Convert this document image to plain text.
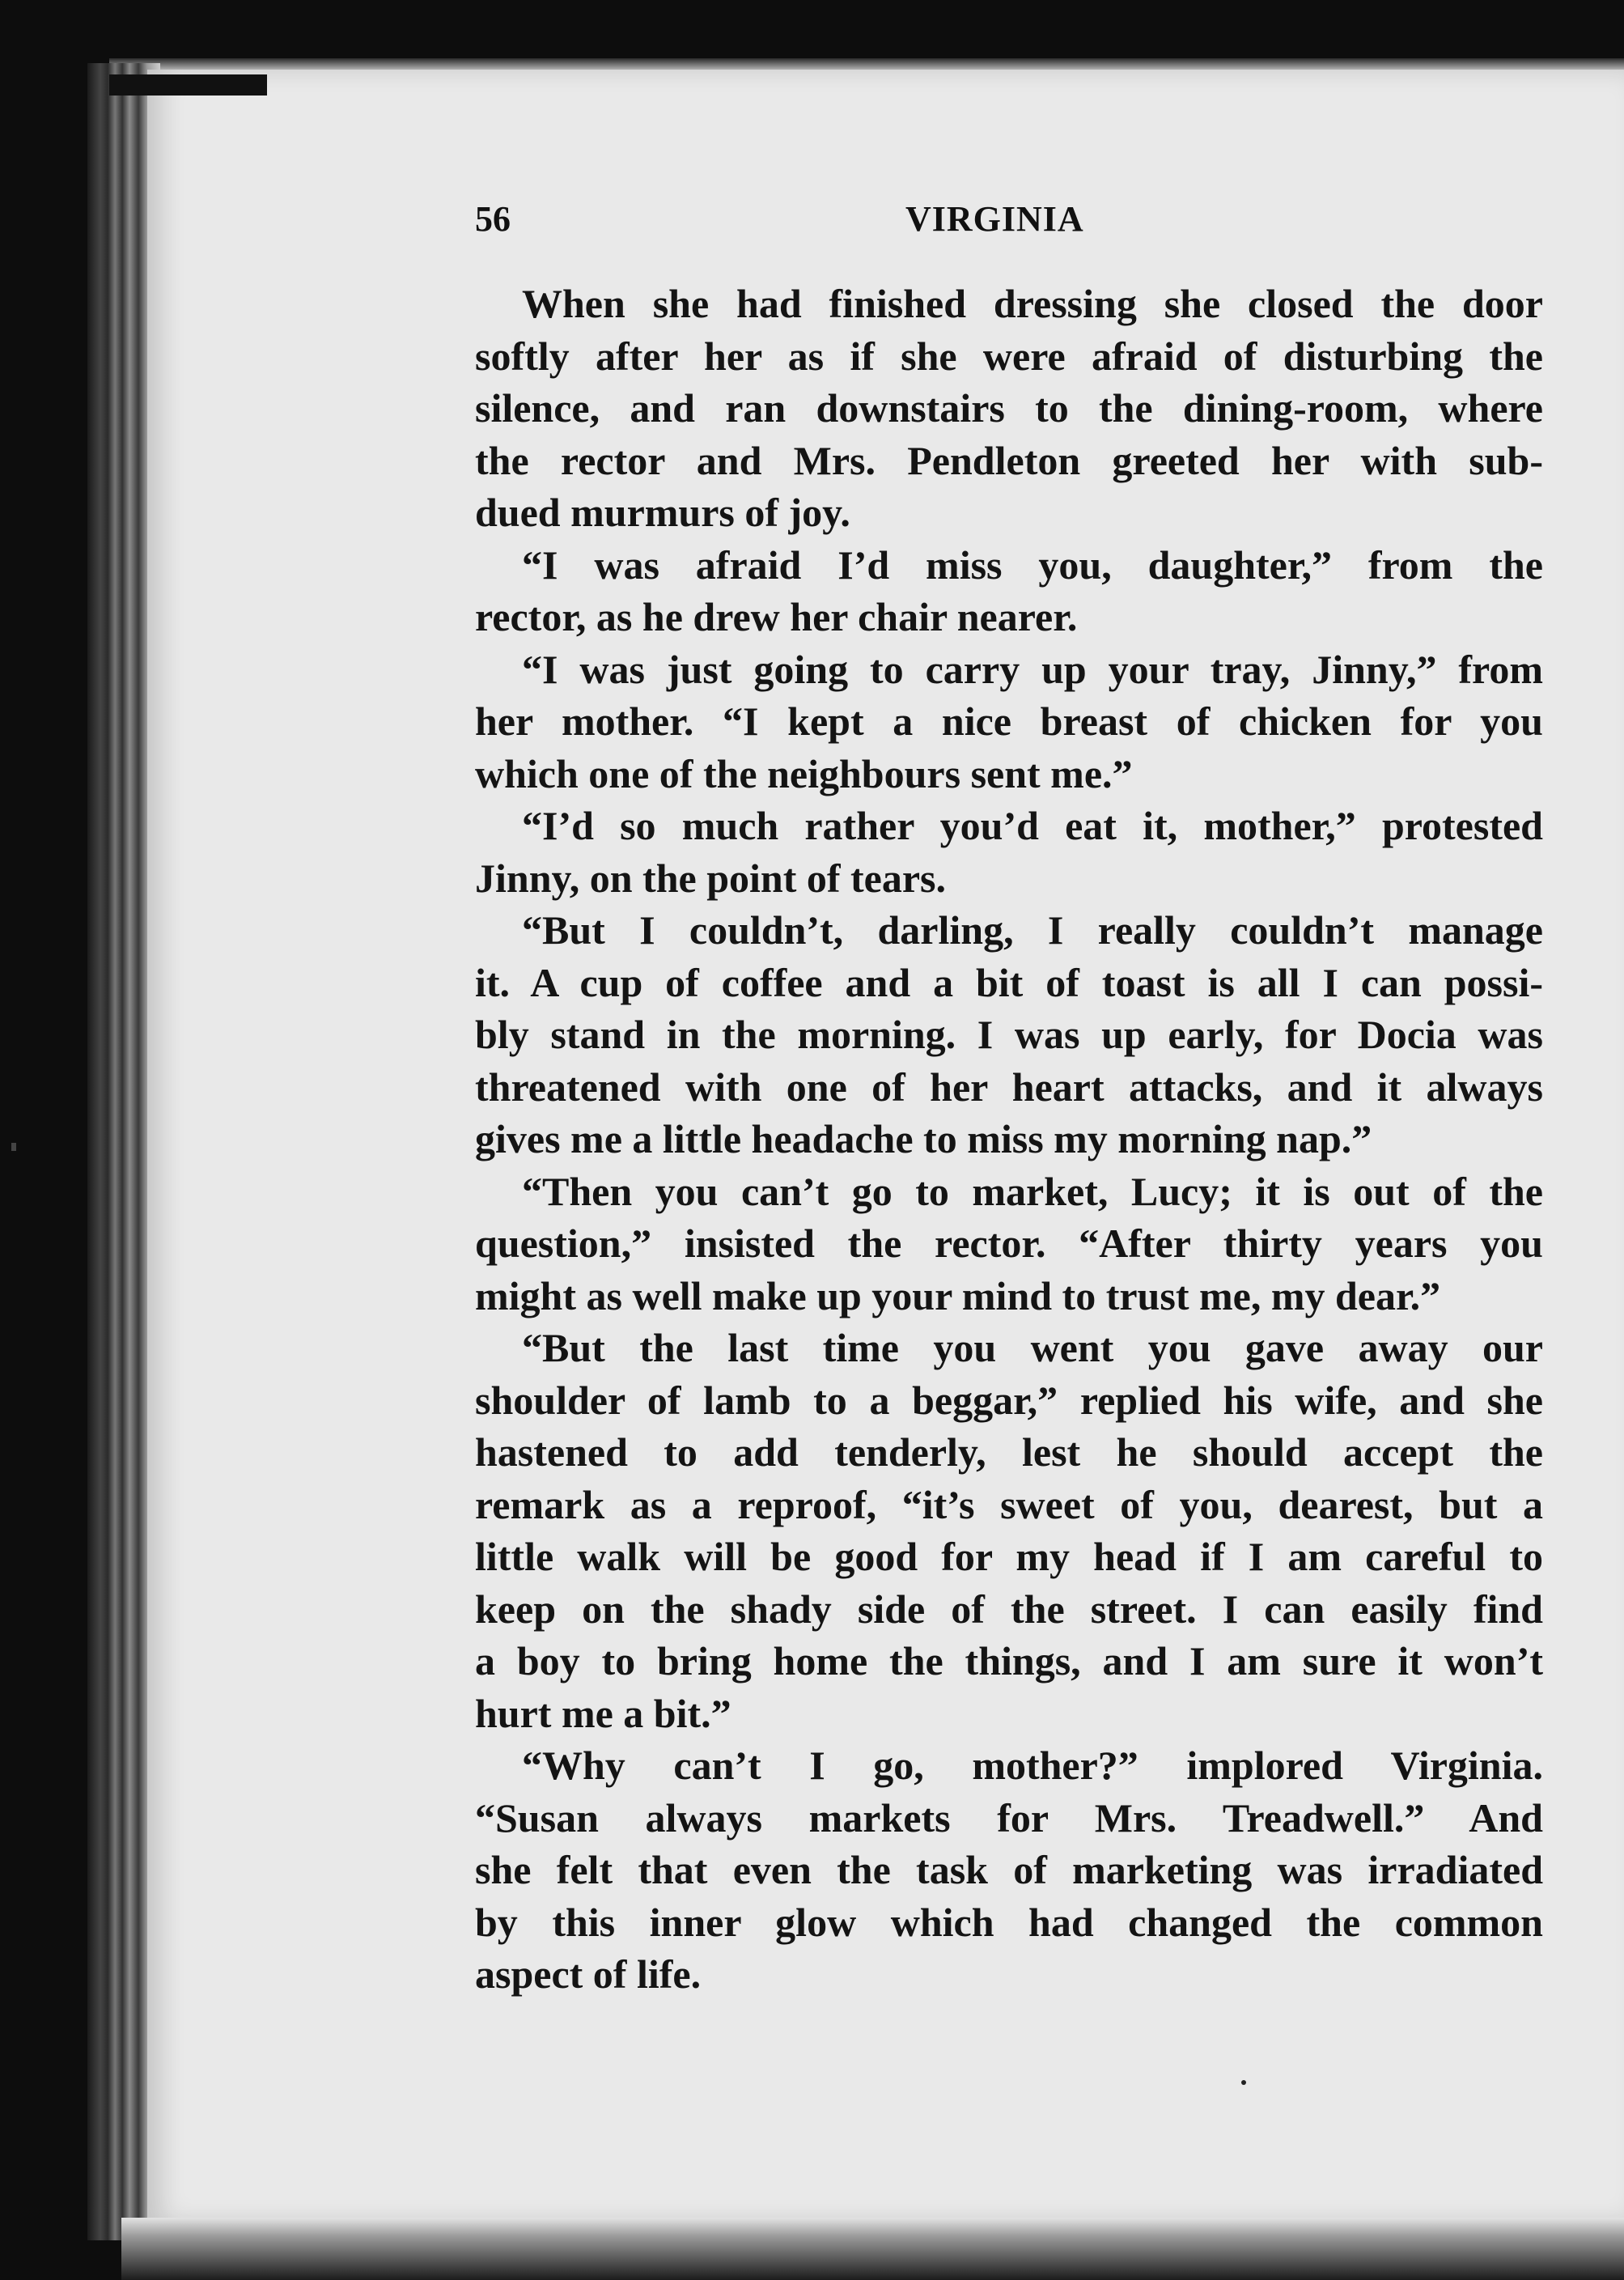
56	VIRGINIA
When she had finished dressing she closed the door
softly after her as if she were afraid of disturbing the
silence, and ran downstairs to the dining-room, where
the rector and Mrs. Pendleton greeted her with sub-
dued murmurs of joy.
“I was afraid I’d miss you, daughter,” from the
rector, as he drew her chair nearer.
“I was just going to carry up your tray, Jinny,” from
her mother. “I kept a nice breast of chicken for you
which one of the neighbours sent me.”
“I’d so much rather you’d eat it, mother,” protested
Jinny, on the point of tears.
“But I couldn’t, darling, I really couldn’t manage
it. A cup of coffee and a bit of toast is all I can possi-
bly stand in the morning. I was up early, for Docia was
threatened with one of her heart attacks, and it always
gives me a little headache to miss my morning nap.”
“Then you can’t go to market, Lucy; it is out of the
question,” insisted the rector. “After thirty years you
might as well make up your mind to trust me, my dear.”
“But the last time you went you gave away our
shoulder of lamb to a beggar,” replied his wife, and she
hastened to add tenderly, lest he should accept the
remark as a reproof, “it’s sweet of you, dearest, but a
little walk will be good for my head if I am careful to
keep on the shady side of the street. I can easily find
a boy to bring home the things, and I am sure it won’t
hurt me a bit.”
“Why can’t I go, mother?” implored Virginia.
“Susan always markets for Mrs. Treadwell.” And
she felt that even the task of marketing was irradiated
by this inner glow which had changed the common
aspect of life.
